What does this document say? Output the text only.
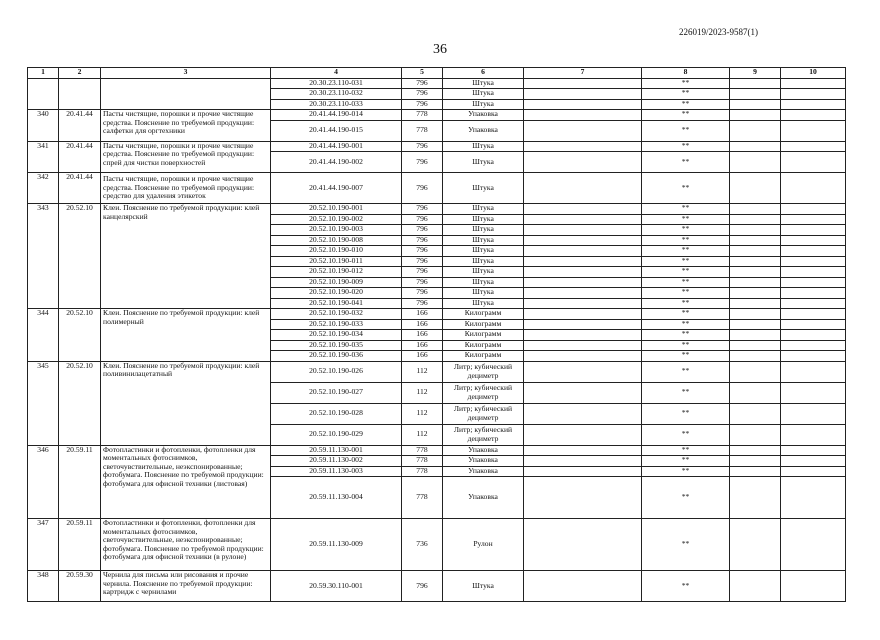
226019/2023-9587(1)
36
1	2	3	4	5	6	7	8	9	10
			20.30.23.110-031	796	Штука		**		
			20.30.23.110-032	796	Штука		**		
			20.30.23.110-033	796	Штука		**		
340	20.41.44	Пасты чистящие, порошки и прочие чистящие средства. Пояснение по требуемой продукции: салфетки для оргтехники	20.41.44.190-014	778	Упаковка		**		
			20.41.44.190-015	778	Упаковка		**		
341	20.41.44	Пасты чистящие, порошки и прочие чистящие средства. Пояснение по требуемой продукции: спрей для чистки поверхностей	20.41.44.190-001	796	Штука		**		
			20.41.44.190-002	796	Штука		**		
342	20.41.44	Пасты чистящие, порошки и прочие чистящие средства. Пояснение по требуемой продукции: средство для удаления этикеток	20.41.44.190-007	796	Штука		**		
343	20.52.10	Клеи. Пояснение по требуемой продукции: клей канцелярский	20.52.10.190-001	796	Штука		**		
			20.52.10.190-002	796	Штука		**		
			20.52.10.190-003	796	Штука		**		
			20.52.10.190-008	796	Штука		**		
			20.52.10.190-010	796	Штука		**		
			20.52.10.190-011	796	Штука		**		
			20.52.10.190-012	796	Штука		**		
			20.52.10.190-009	796	Штука		**		
			20.52.10.190-020	796	Штука		**		
			20.52.10.190-041	796	Штука		**		
344	20.52.10	Клеи. Пояснение по требуемой продукции: клей полимерный	20.52.10.190-032	166	Килограмм		**		
			20.52.10.190-033	166	Килограмм		**		
			20.52.10.190-034	166	Килограмм		**		
			20.52.10.190-035	166	Килограмм		**		
			20.52.10.190-036	166	Килограмм		**		
345	20.52.10	Клеи. Пояснение по требуемой продукции: клей поливинилацетатный	20.52.10.190-026	112	Литр; кубический дециметр		**		
			20.52.10.190-027	112	Литр; кубический дециметр		**		
			20.52.10.190-028	112	Литр; кубический дециметр		**		
			20.52.10.190-029	112	Литр; кубический дециметр		**		
346	20.59.11	Фотопластинки и фотопленки, фотопленки для моментальных фотоснимков, светочувствительные, неэкспонированные; фотобумага. Пояснение по требуемой продукции: фотобумага для офисной техники (листовая)	20.59.11.130-001	778	Упаковка		**		
			20.59.11.130-002	778	Упаковка		**		
			20.59.11.130-003	778	Упаковка		**		
			20.59.11.130-004	778	Упаковка		**		
347	20.59.11	Фотопластинки и фотопленки, фотопленки для моментальных фотоснимков, светочувствительные, неэкспонированные; фотобумага. Пояснение по требуемой продукции: фотобумага для офисной техники (в рулоне)	20.59.11.130-009	736	Рулон		**		
348	20.59.30	Чернила для письма или рисования и прочие чернила. Пояснение по требуемой продукции: картридж с чернилами	20.59.30.110-001	796	Штука		**		
